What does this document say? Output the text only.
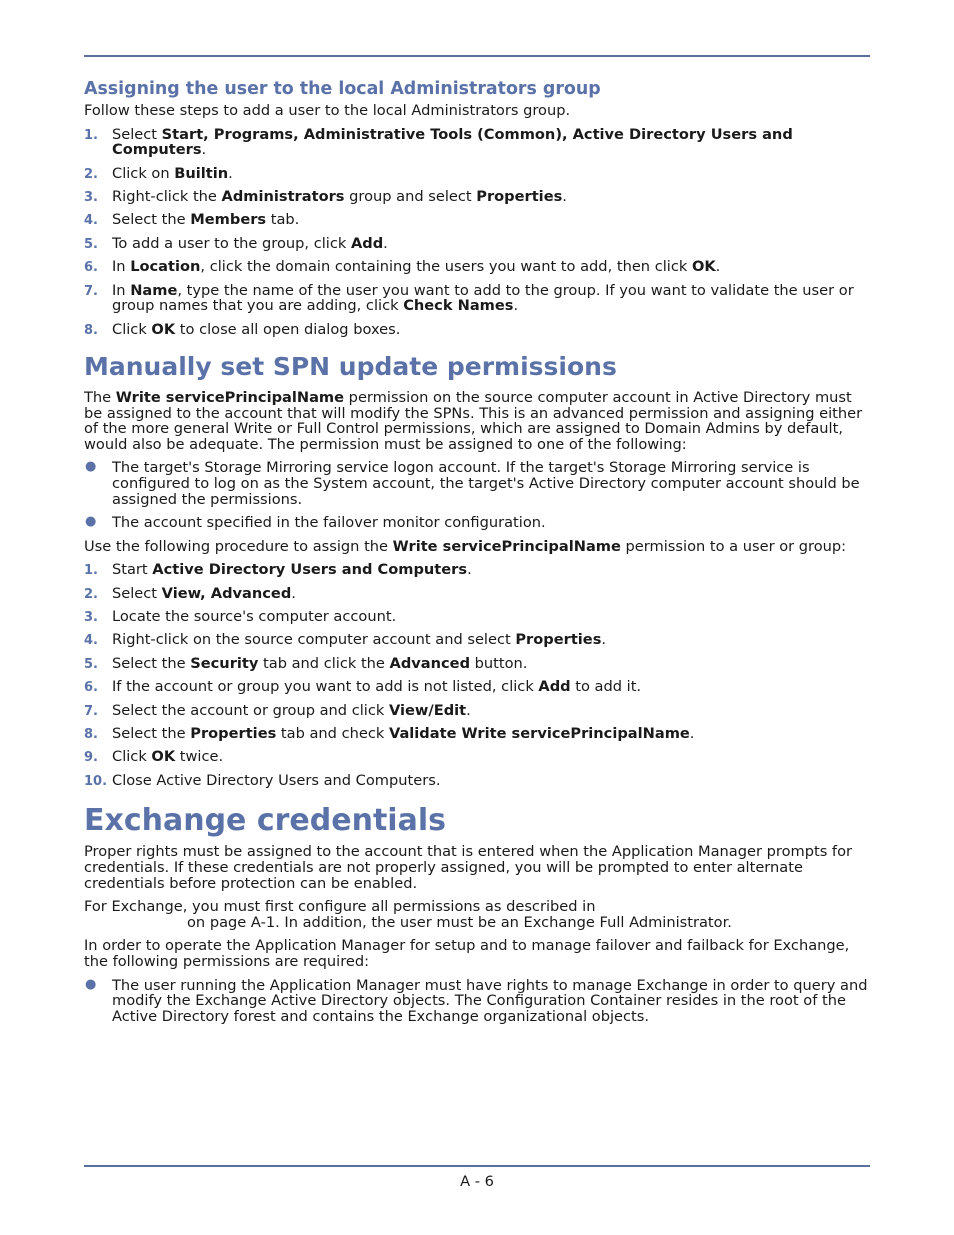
Assigning the user to the local Administrators group

Follow these steps to add a user to the local Administrators group.

1. Select Start, Programs, Administrative Tools (Common), Active Directory Users and Computers.
2. Click on Builtin.
3. Right-click the Administrators group and select Properties.
4. Select the Members tab.
5. To add a user to the group, click Add.
6. In Location, click the domain containing the users you want to add, then click OK.
7. In Name, type the name of the user you want to add to the group. If you want to validate the user or group names that you are adding, click Check Names.
8. Click OK to close all open dialog boxes.
Manually set SPN update permissions

The Write servicePrincipalName permission on the source computer account in Active Directory must be assigned to the account that will modify the SPNs. This is an advanced permission and assigning either of the more general Write or Full Control permissions, which are assigned to Domain Admins by default, would also be adequate. The permission must be assigned to one of the following:

● The target's Storage Mirroring service logon account. If the target's Storage Mirroring service is configured to log on as the System account, the target's Active Directory computer account should be assigned the permissions.
● The account specified in the failover monitor configuration.

Use the following procedure to assign the Write servicePrincipalName permission to a user or group:

1. Start Active Directory Users and Computers.
2. Select View, Advanced.
3. Locate the source's computer account.
4. Right-click on the source computer account and select Properties.
5. Select the Security tab and click the Advanced button.
6. If the account or group you want to add is not listed, click Add to add it.
7. Select the account or group and click View/Edit.
8. Select the Properties tab and check Validate Write servicePrincipalName.
9. Click OK twice.
10. Close Active Directory Users and Computers.
Exchange credentials

Proper rights must be assigned to the account that is entered when the Application Manager prompts for credentials. If these credentials are not properly assigned, you will be prompted to enter alternate credentials before protection can be enabled.

For Exchange, you must first configure all permissions as described in
on page A-1. In addition, the user must be an Exchange Full Administrator.

In order to operate the Application Manager for setup and to manage failover and failback for Exchange, the following permissions are required:

● The user running the Application Manager must have rights to manage Exchange in order to query and modify the Exchange Active Directory objects. The Configuration Container resides in the root of the Active Directory forest and contains the Exchange organizational objects.
A - 6
